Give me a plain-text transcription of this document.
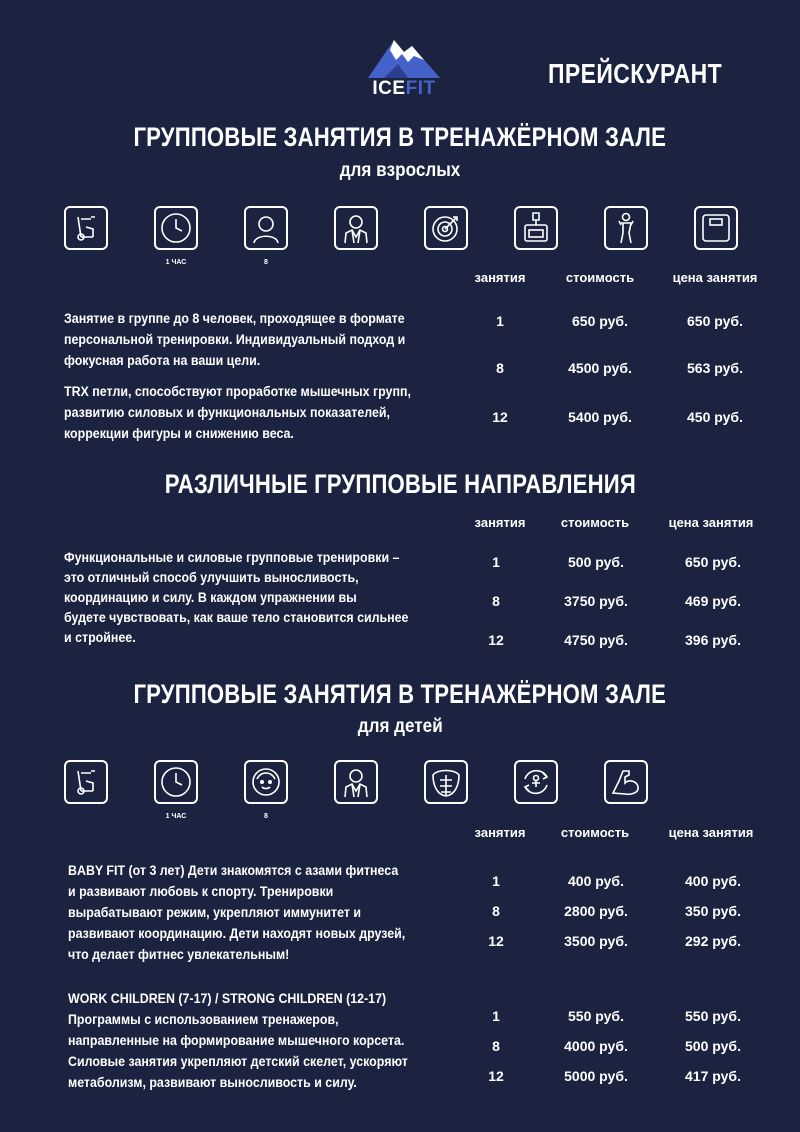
ICEFIT	ПРЕЙСКУРАНТ
ГРУППОВЫЕ ЗАНЯТИЯ В ТРЕНАЖЁРНОМ ЗАЛЕ
для взрослых
1 ЧАС	8
занятия	стоимость	цена занятия
Занятие в группе до 8 человек, проходящее в формате
персональной тренировки. Индивидуальный подход и
фокусная работа на ваши цели.
TRX петли, способствуют проработке мышечных групп,
развитию силовых и функциональных показателей,
коррекции фигуры и снижению веса.
1	650 руб.	650 руб.
8	4500 руб.	563 руб.
12	5400 руб.	450 руб.
РАЗЛИЧНЫЕ ГРУППОВЫЕ НАПРАВЛЕНИЯ
занятия	стоимость	цена занятия
Функциональные и силовые групповые тренировки –
это отличный способ улучшить выносливость,
координацию и силу. В каждом упражнении вы
будете чувствовать, как ваше тело становится сильнее
и стройнее.
1	500 руб.	650 руб.
8	3750 руб.	469 руб.
12	4750 руб.	396 руб.
ГРУППОВЫЕ ЗАНЯТИЯ В ТРЕНАЖЁРНОМ ЗАЛЕ
для детей
1 ЧАС	8
занятия	стоимость	цена занятия
BABY FIT (от 3 лет) Дети знакомятся с азами фитнеса
и развивают любовь к спорту. Тренировки
вырабатывают режим, укрепляют иммунитет и
развивают координацию. Дети находят новых друзей,
что делает фитнес увлекательным!
1	400 руб.	400 руб.
8	2800 руб.	350 руб.
12	3500 руб.	292 руб.
WORK CHILDREN (7-17) / STRONG CHILDREN (12-17)
Программы с использованием тренажеров,
направленные на формирование мышечного корсета.
Силовые занятия укрепляют детский скелет, ускоряют
метаболизм, развивают выносливость и силу.
1	550 руб.	550 руб.
8	4000 руб.	500 руб.
12	5000 руб.	417 руб.
